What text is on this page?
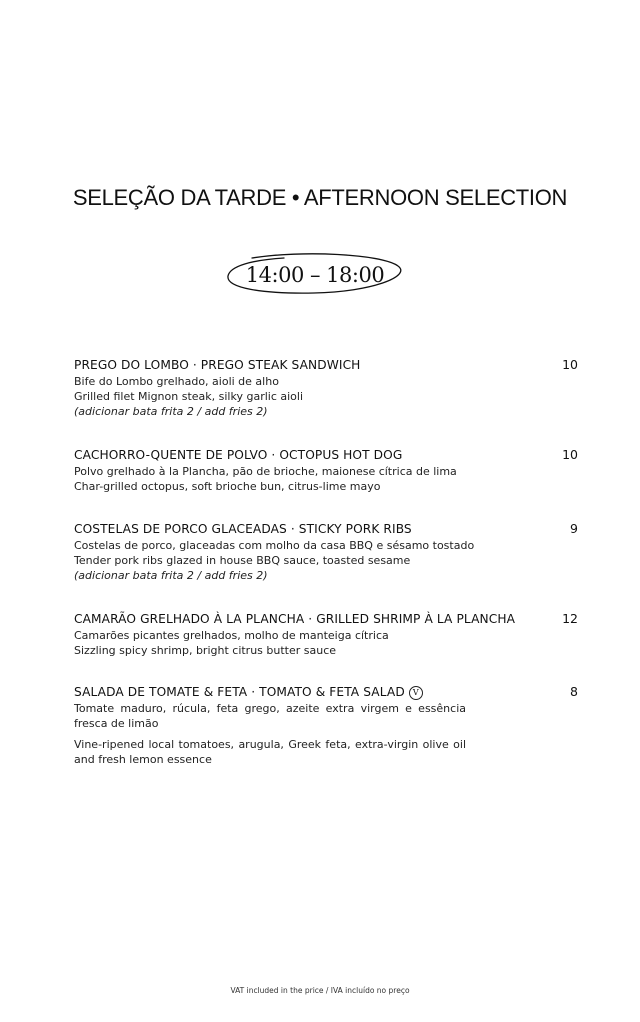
SELEÇÃO DA TARDE • AFTERNOON SELECTION
14:00 – 18:00
PREGO DO LOMBO · PREGO STEAK SANDWICH	10
Bife do Lombo grelhado, aioli de alho
Grilled filet Mignon steak, silky garlic aioli
(adicionar bata frita 2 / add fries 2)
CACHORRO-QUENTE DE POLVO · OCTOPUS HOT DOG	10
Polvo grelhado à la Plancha, pão de brioche, maionese cítrica de lima
Char-grilled octopus, soft brioche bun, citrus-lime mayo
COSTELAS DE PORCO GLACEADAS · STICKY PORK RIBS	9
Costelas de porco, glaceadas com molho da casa BBQ e sésamo tostado
Tender pork ribs glazed in house BBQ sauce, toasted sesame
(adicionar bata frita 2 / add fries 2)
CAMARÃO GRELHADO À LA PLANCHA · GRILLED SHRIMP À LA PLANCHA	12
Camarões picantes grelhados, molho de manteiga cítrica
Sizzling spicy shrimp, bright citrus butter sauce
SALADA DE TOMATE & FETA · TOMATO & FETA SALAD V	8
Tomate maduro, rúcula, feta grego, azeite extra virgem e essência fresca de limão
Vine-ripened local tomatoes, arugula, Greek feta, extra-virgin olive oil and fresh lemon essence
VAT included in the price / IVA incluído no preço
